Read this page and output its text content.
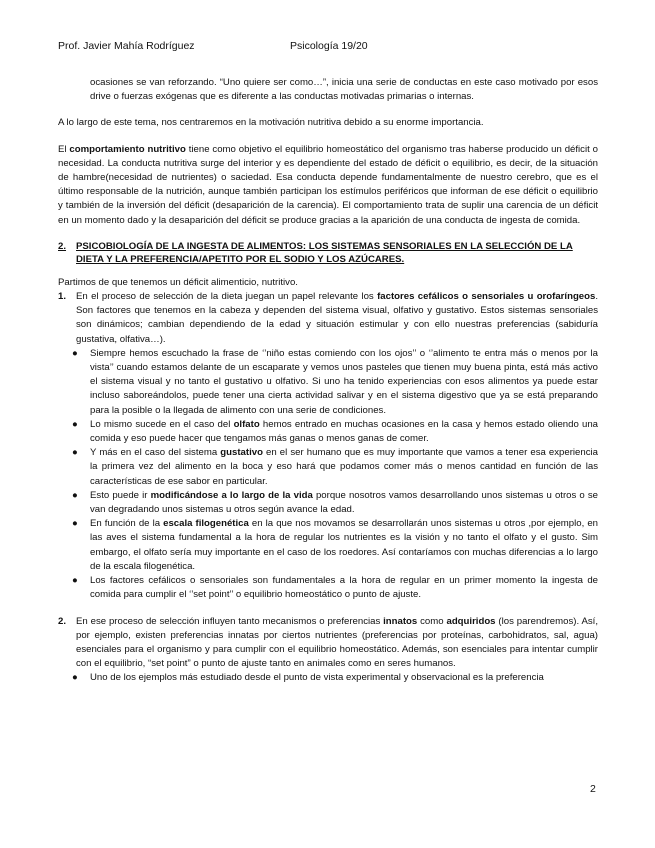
Prof. Javier Mahía Rodríguez	Psicología 19/20

ocasiones se van reforzando. “Uno quiere ser como…”, inicia una serie de conductas en este caso motivado por esos drive o fuerzas exógenas que es diferente a las conductas motivadas primarias o internas.

A lo largo de este tema, nos centraremos en la motivación nutritiva debido a su enorme importancia.

El comportamiento nutritivo tiene como objetivo el equilibrio homeostático del organismo tras haberse producido un déficit o necesidad. La conducta nutritiva surge del interior y es dependiente del estado de déficit o equilibrio, es decir, de la situación de hambre(necesidad de nutrientes) o saciedad. Esa conducta depende fundamentalmente de nuestro cerebro, que es el último responsable de la nutrición, aunque también participan los estímulos periféricos que informan de ese déficit o equilibrio y también de la inversión del déficit (desaparición de la carencia). El comportamiento trata de suplir una carencia de un déficit en un momento dado y la desaparición del déficit se produce gracias a la aparición de una conducta de ingesta de comida.

2.	PSICOBIOLOGÍA DE LA INGESTA DE ALIMENTOS: LOS SISTEMAS SENSORIALES EN LA SELECCIÓN DE LA DIETA Y LA PREFERENCIA/APETITO POR EL SODIO Y LOS AZÚCARES.

Partimos de que tenemos un déficit alimenticio, nutritivo.

1.	En el proceso de selección de la dieta juegan un papel relevante los factores cefálicos o sensoriales u orofaríngeos. Son factores que tenemos en la cabeza y dependen del sistema visual, olfativo y gustativo. Estos sistemas sensoriales son dinámicos; cambian dependiendo de la edad y situación estimular y con ello nuestras preferencias (sabiduría gustativa, olfativa…).
●	Siempre hemos escuchado la frase de ‘’niño estas comiendo con los ojos’’ o ‘’alimento te entra más o menos por la vista’’ cuando estamos delante de un escaparate y vemos unos pasteles que tienen muy buena pinta, está más activo el sistema visual y no tanto el gustativo u olfativo. Si uno ha tenido experiencias con esos alimentos ya puede estar incluso saboreándolos, puede tener una cierta actividad salivar y en el sistema digestivo que ya se está preparando para la posible o la llegada de alimento con una serie de condiciones.
●	Lo mismo sucede en el caso del olfato hemos entrado en muchas ocasiones en la casa y hemos estado oliendo una comida y eso puede hacer que tengamos más ganas o menos ganas de comer.
●	Y más en el caso del sistema gustativo en el ser humano que es muy importante que vamos a tener esa experiencia la primera vez del alimento en la boca y eso hará que podamos comer más o menos cantidad en función de las características de ese sabor en particular.
●	Esto puede ir modificándose a lo largo de la vida porque nosotros vamos desarrollando unos sistemas u otros o se van degradando unos sistemas u otros según avance la edad.
●	En función de la escala filogenética en la que nos movamos se desarrollarán unos sistemas u otros ,por ejemplo, en las aves el sistema fundamental a la hora de regular los nutrientes es la visión y no tanto el olfato y el gusto. Sim embargo, el olfato sería muy importante en el caso de los roedores. Así contaríamos con muchas diferencias a lo largo de la escala filogenética.
●	Los factores cefálicos o sensoriales son fundamentales a la hora de regular en un primer momento la ingesta de comida para cumplir el ‘’set point’’ o equilibrio homeostático o punto de ajuste.
2.	En ese proceso de selección influyen tanto mecanismos o preferencias innatos como adquiridos (los parendremos). Así, por ejemplo, existen preferencias innatas por ciertos nutrientes (preferencias por proteínas, carbohidratos, sal, agua) esenciales para el organismo y para cumplir con el equilibrio homeostático. Además, son esenciales para intentar cumplir con el equilibrio, “set point” o punto de ajuste tanto en animales como en seres humanos.
●	Uno de los ejemplos más estudiado desde el punto de vista experimental y observacional es la preferencia
2
